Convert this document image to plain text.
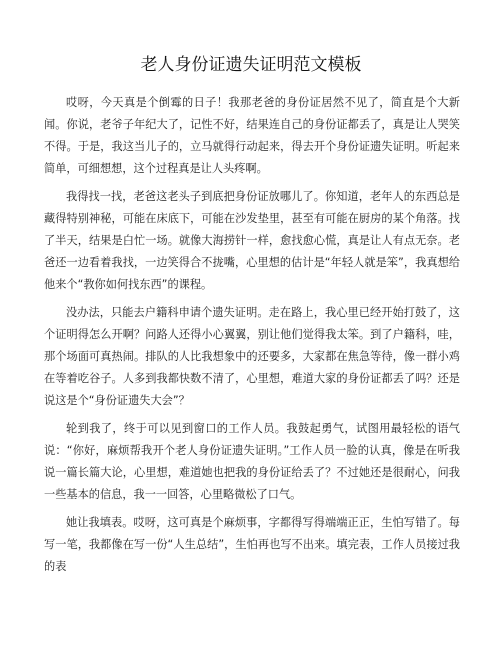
老人身份证遗失证明范文模板

哎呀，今天真是个倒霉的日子！我那老爸的身份证居然不见了，简直是个大新闻。你说，老爷子年纪大了，记性不好，结果连自己的身份证都丢了，真是让人哭笑不得。于是，我这当儿子的，立马就得行动起来，得去开个身份证遗失证明。听起来简单，可细想想，这个过程真是让人头疼啊。

我得找一找，老爸这老头子到底把身份证放哪儿了。你知道，老年人的东西总是藏得特别神秘，可能在床底下，可能在沙发垫里，甚至有可能在厨房的某个角落。找了半天，结果是白忙一场。就像大海捞针一样，愈找愈心慌，真是让人有点无奈。老爸还一边看着我找，一边笑得合不拢嘴，心里想的估计是“年轻人就是笨”，我真想给他来个“教你如何找东西”的课程。

没办法，只能去户籍科申请个遗失证明。走在路上，我心里已经开始打鼓了，这个证明得怎么开啊？问路人还得小心翼翼，别让他们觉得我太笨。到了户籍科，哇，那个场面可真热闹。排队的人比我想象中的还要多，大家都在焦急等待，像一群小鸡在等着吃谷子。人多到我都快数不清了，心里想，难道大家的身份证都丢了吗？还是说这是个“身份证遗失大会”？

轮到我了，终于可以见到窗口的工作人员。我鼓起勇气，试图用最轻松的语气说：“你好，麻烦帮我开个老人身份证遗失证明。”工作人员一脸的认真，像是在听我说一篇长篇大论，心里想，难道她也把我的身份证给丢了？不过她还是很耐心，问我一些基本的信息，我一一回答，心里略微松了口气。

她让我填表。哎呀，这可真是个麻烦事，字都得写得端端正正，生怕写错了。每写一笔，我都像在写一份“人生总结”，生怕再也写不出来。填完表，工作人员接过我的表
